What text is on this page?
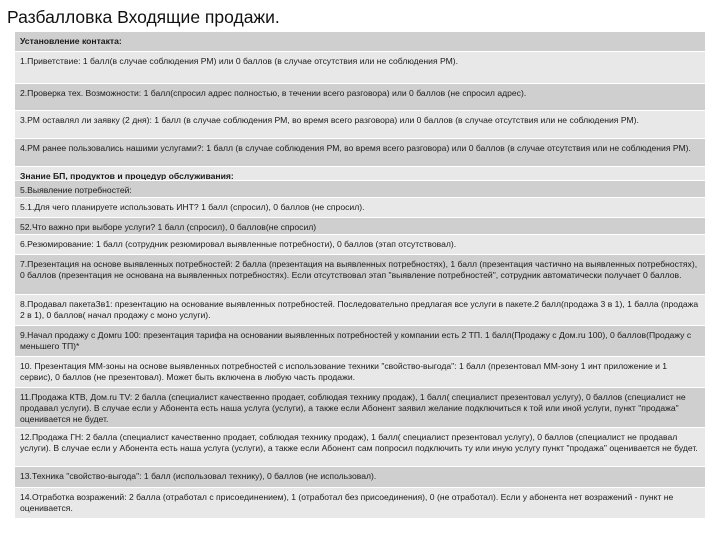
Разбалловка Входящие продажи.
Установление контакта:
1.Приветствие: 1 балл(в случае соблюдения РМ) или 0 баллов (в случае отсутствия или не соблюдения РМ).
2.Проверка тех. Возможности: 1 балл(спросил адрес полностью, в течении всего разговора) или 0 баллов (не спросил адрес).
3.РМ оставлял ли заявку (2 дня): 1 балл (в случае соблюдения РМ, во время всего разговора) или 0 баллов (в случае отсутствия или не соблюдения РМ).
4.РМ ранее пользовались нашими услугами?: 1 балл (в случае соблюдения РМ, во время всего разговора) или 0 баллов (в случае отсутствия или не соблюдения РМ).
Знание БП, продуктов и процедур обслуживания:
5.Выявление потребностей:
5.1.Для чего планируете использовать ИНТ? 1 балл (спросил), 0 баллов (не спросил).
52.Что важно при выборе услуги? 1 балл (спросил), 0 баллов(не спросил)
6.Резюмирование: 1 балл (сотрудник резюмировал выявленные потребности), 0 баллов (этап отсутствовал).
7.Презентация на основе выявленных потребностей: 2 балла (презентация на выявленных потребностях), 1 балл (презентация частично на выявленных потребностях), 0 баллов (презентация не основана на выявленных потребностях). Если отсутствовал этап "выявление потребностей", сотрудник автоматически получает 0 баллов.
8.Продавал пакетаЗв1: презентацию на основание выявленных потребностей. Последовательно предлагая все услуги в пакете.2 балл(продажа 3 в 1), 1 балла (продажа 2 в 1), 0 баллов( начал продажу с моно услуги).
9.Начал продажу с Домru 100: презентация тарифа на основании выявленных потребностей у компании есть 2 ТП. 1 балл(Продажу с Дом.ru 100), 0 баллов(Продажу с меньшего ТП)*
10. Презентация ММ-зоны на основе выявленных потребностей с использование техники "свойство-выгода": 1 балл (презентовал ММ-зону 1 инт приложение и 1 сервис), 0 баллов (не презентовал). Может быть включена в любую часть продажи.
11.Продажа КТВ, Дом.ru TV: 2 балла (специалист качественно продает, соблюдая технику продаж), 1 балл( специалист презентовал услугу), 0 баллов (специалист не продавал услуги). В случае если у Абонента есть наша услуга (услуги), а также если Абонент заявил желание подключиться к той или иной услуги, пункт "продажа" оценивается не будет.
12.Продажа ГН: 2 балла (специалист качественно продает, соблюдая технику продаж), 1 балл( специалист презентовал услугу), 0 баллов (специалист не продавал услуги). В случае если у Абонента есть наша услуга (услуги), а также если Абонент сам попросил подключить ту или иную услугу пункт "продажа" оценивается не будет.
13.Техника "свойство-выгода": 1 балл (использовал технику), 0 баллов (не использовал).
14.Отработка возражений: 2 балла (отработал с присоединением), 1 (отработал без присоединения), 0 (не отработал). Если у абонента нет возражений - пункт не оценивается.
